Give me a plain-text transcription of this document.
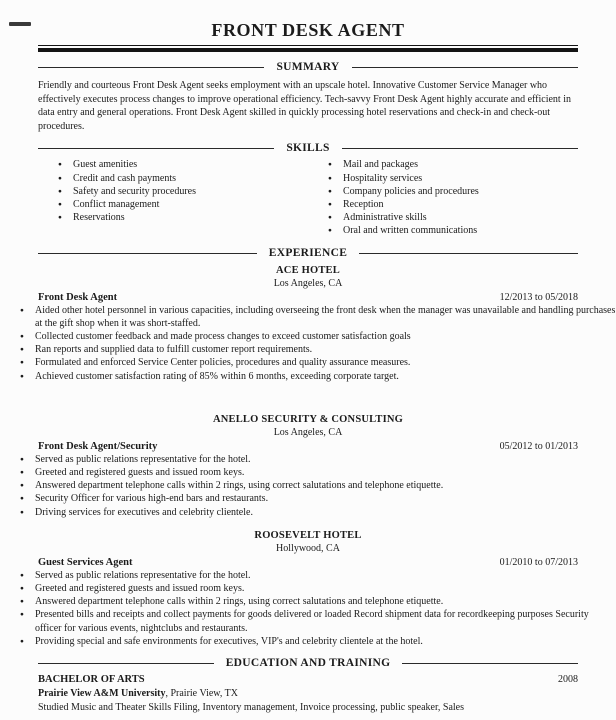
FRONT DESK AGENT
SUMMARY

Friendly and courteous Front Desk Agent seeks employment with an upscale hotel. Innovative Customer Service Manager who effectively executes process changes to improve operational efficiency. Tech-savvy Front Desk Agent highly accurate and efficient in data entry and general operations. Front Desk Agent skilled in quickly processing hotel reservations and check-in and check-out procedures.

SKILLS
● Guest amenities
● Credit and cash payments
● Safety and security procedures
● Conflict management
● Reservations
● Mail and packages
● Hospitality services
● Company policies and procedures
● Reception
● Administrative skills
● Oral and written communications
EXPERIENCE
ACE HOTEL
Los Angeles, CA
Front Desk Agent	12/2013 to 05/2018
● Aided other hotel personnel in various capacities, including overseeing the front desk when the manager was unavailable and handling purchases at the gift shop when it was short-staffed.
● Collected customer feedback and made process changes to exceed customer satisfaction goals
● Ran reports and supplied data to fulfill customer report requirements.
● Formulated and enforced Service Center policies, procedures and quality assurance measures.
● Achieved customer satisfaction rating of 85% within 6 months, exceeding corporate target.
ANELLO SECURITY & CONSULTING
Los Angeles, CA
Front Desk Agent/Security	05/2012 to 01/2013
● Served as public relations representative for the hotel.
● Greeted and registered guests and issued room keys.
● Answered department telephone calls within 2 rings, using correct salutations and telephone etiquette.
● Security Officer for various high-end bars and restaurants.
● Driving services for executives and celebrity clientele.
ROOSEVELT HOTEL
Hollywood, CA
Guest Services Agent	01/2010 to 07/2013
● Served as public relations representative for the hotel.
● Greeted and registered guests and issued room keys.
● Answered department telephone calls within 2 rings, using correct salutations and telephone etiquette.
● Presented bills and receipts and collect payments for goods delivered or loaded Record shipment data for recordkeeping purposes Security officer for various events, nightclubs and restaurants.
● Providing special and safe environments for executives, VIP's and celebrity clientele at the hotel.
EDUCATION AND TRAINING
BACHELOR OF ARTS	2008
Prairie View A&M University, Prairie View, TX
Studied Music and Theater Skills Filing, Inventory management, Invoice processing, public speaker, Sales
